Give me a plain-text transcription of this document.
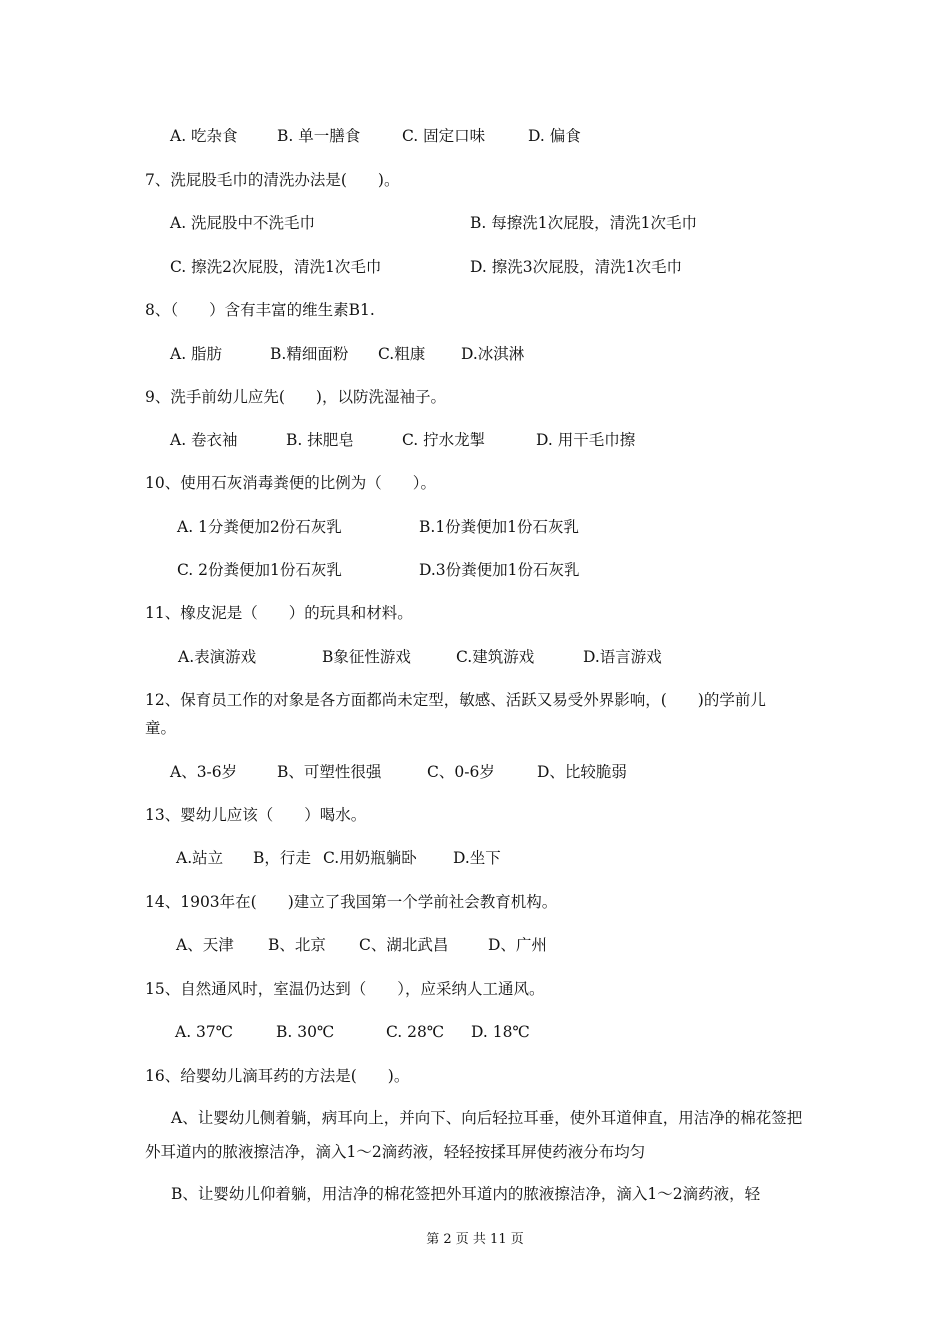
A. 吃杂食	B. 单一膳食	C. 固定口味	D. 偏食
7、洗屁股毛巾的清洗办法是(　　)。
A. 洗屁股中不洗毛巾	B. 每擦洗1次屁股，清洗1次毛巾
C. 擦洗2次屁股，清洗1次毛巾	D. 擦洗3次屁股，清洗1次毛巾
8、（　　）含有丰富的维生素B1.
A. 脂肪	B.精细面粉 C.粗康 D.冰淇淋
9、洗手前幼儿应先(　　)，以防洗湿袖子。
A. 卷衣袖	B. 抹肥皂	C. 拧水龙掣	D. 用干毛巾擦
10、使用石灰消毒粪便的比例为（　　）。
A. 1分粪便加2份石灰乳	B.1份粪便加1份石灰乳
C. 2份粪便加1份石灰乳	D.3份粪便加1份石灰乳
11、橡皮泥是（　　）的玩具和材料。
A.表演游戏	B象征性游戏	C.建筑游戏	D.语言游戏
12、保育员工作的对象是各方面都尚未定型，敏感、活跃又易受外界影响，(　　)的学前儿
童。
A、3-6岁	B、可塑性很强	C、0-6岁	D、比较脆弱
13、婴幼儿应该（　　）喝水。
A.站立 B，行走 C.用奶瓶躺卧 D.坐下
14、1903年在(　　)建立了我国第一个学前社会教育机构。
A、天津 B、北京 C、湖北武昌	D、广州
15、自然通风时，室温仍达到（　　），应采纳人工通风。
A. 37℃	B. 30℃	C. 28℃ D. 18℃
16、给婴幼儿滴耳药的方法是(　　)。
A、让婴幼儿侧着躺，病耳向上，并向下、向后轻拉耳垂，使外耳道伸直，用洁净的棉花签把外耳道内的脓液擦洁净，滴入1～2滴药液，轻轻按揉耳屏使药液分布均匀
B、让婴幼儿仰着躺，用洁净的棉花签把外耳道内的脓液擦洁净，滴入1～2滴药液，轻
第 2 页 共 11 页
